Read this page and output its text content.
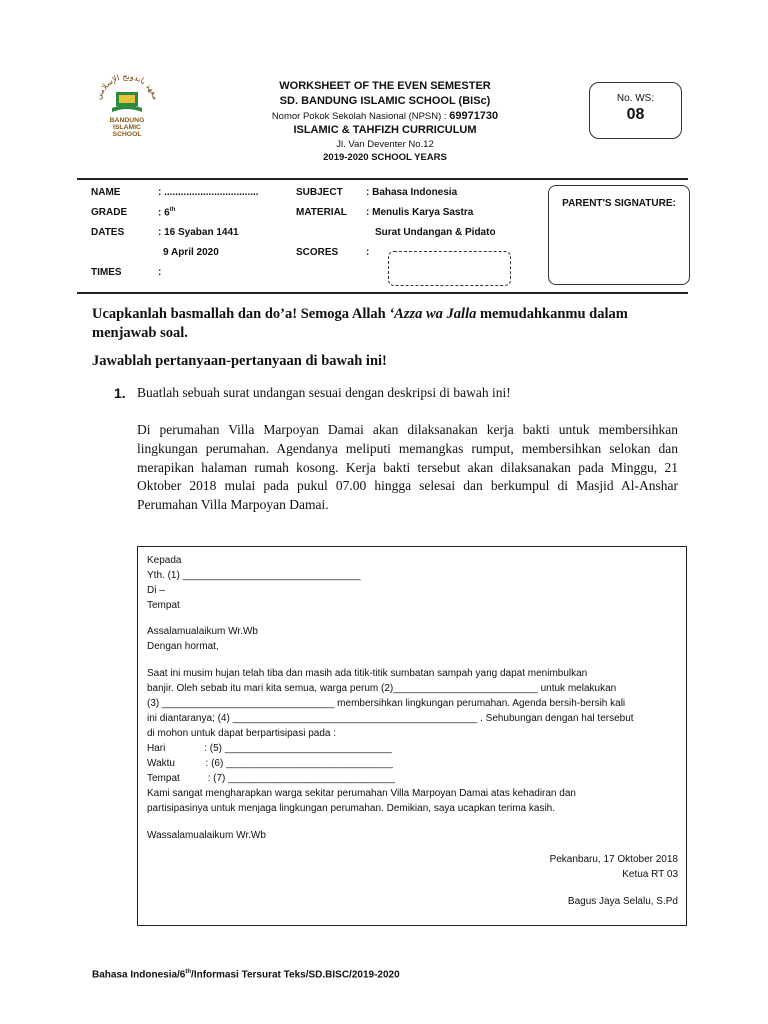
معهد باندونج الإسلامي
BANDUNG
ISLAMIC
SCHOOL
WORKSHEET OF THE EVEN SEMESTER
SD. BANDUNG ISLAMIC SCHOOL (BISc)
Nomor Pokok Sekolah Nasional (NPSN) : 69971730
ISLAMIC & TAHFIZH CURRICULUM
Jl. Van Deventer No.12
2019-2020 SCHOOL YEARS
No. WS:
08
NAME	: ..................................
GRADE	: 6th
DATES	: 16 Syaban 1441
9 April 2020
TIMES	:
SUBJECT : Bahasa Indonesia
MATERIAL : Menulis Karya Sastra
Surat Undangan & Pidato
SCORES	:
PARENT'S SIGNATURE:
Ucapkanlah basmallah dan do’a! Semoga Allah ‘Azza wa Jalla memudahkanmu dalam menjawab soal.
Jawablah pertanyaan-pertanyaan di bawah ini!
1. Buatlah sebuah surat undangan sesuai dengan deskripsi di bawah ini!
Di perumahan Villa Marpoyan Damai akan dilaksanakan kerja bakti untuk membersihkan lingkungan perumahan. Agendanya meliputi memangkas rumput, membersihkan selokan dan merapikan halaman rumah kosong. Kerja bakti tersebut akan dilaksanakan pada Minggu, 21 Oktober 2018 mulai pada pukul 07.00 hingga selesai dan berkumpul di Masjid Al-Anshar Perumahan Villa Marpoyan Damai.
Kepada
Yth. (1) ________________________________
Di –
Tempat
Assalamualaikum Wr.Wb
Dengan hormat,
Saat ini musim hujan telah tiba dan masih ada titik-titik sumbatan sampah yang dapat menimbulkan
banjir. Oleh sebab itu mari kita semua, warga perum (2)__________________________ untuk melakukan
(3) _______________________________ membersihkan lingkungan perumahan. Agenda bersih-bersih kali
ini diantaranya; (4) ____________________________________________ . Sehubungan dengan hal tersebut
di mohon untuk dapat berpartisipasi pada :
Hari              : (5) ______________________________
Waktu           : (6) ______________________________
Tempat          : (7) ______________________________
Kami sangat mengharapkan warga sekitar perumahan Villa Marpoyan Damai atas kehadiran dan
partisipasinya untuk menjaga lingkungan perumahan. Demikian, saya ucapkan terima kasih.
Wassalamualaikum Wr.Wb
Pekanbaru, 17 Oktober 2018
Ketua RT 03
Bagus Jaya Selalu, S.Pd
Bahasa Indonesia/6th/Informasi Tersurat Teks/SD.BISC/2019-2020
